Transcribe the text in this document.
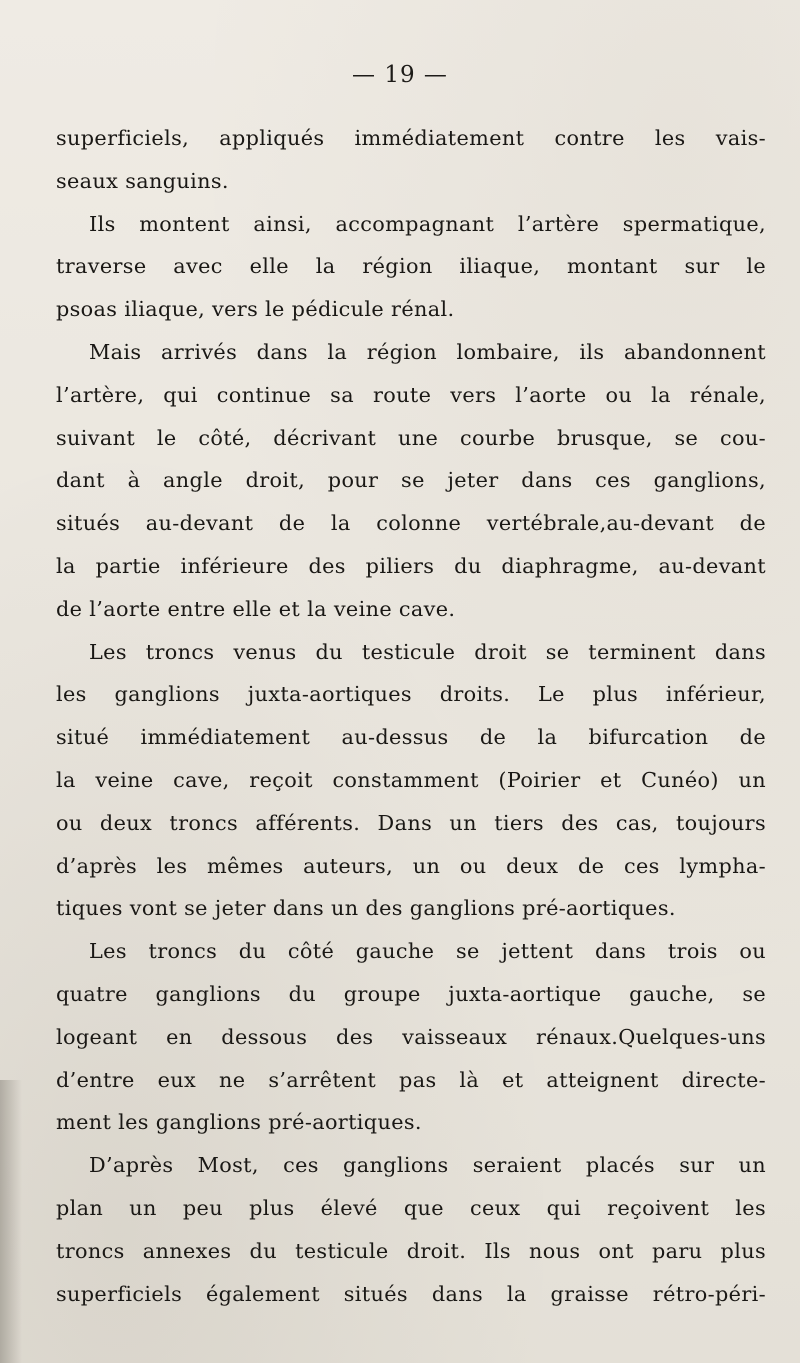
— 19 —
superficiels, appliqués immédiatement contre les vais-
seaux sanguins.
Ils montent ainsi, accompagnant l’artère spermatique,
traverse avec elle la région iliaque, montant sur le
psoas iliaque, vers le pédicule rénal.
Mais arrivés dans la région lombaire, ils abandonnent
l’artère, qui continue sa route vers l’aorte ou la rénale,
suivant le côté, décrivant une courbe brusque, se cou-
dant à angle droit, pour se jeter dans ces ganglions,
situés au-devant de la colonne vertébrale,au-devant de
la partie inférieure des piliers du diaphragme, au-devant
de l’aorte entre elle et la veine cave.
Les troncs venus du testicule droit se terminent dans
les ganglions juxta-aortiques droits. Le plus inférieur,
situé immédiatement au-dessus de la bifurcation de
la veine cave, reçoit constamment (Poirier et Cunéo) un
ou deux troncs afférents. Dans un tiers des cas, toujours
d’après les mêmes auteurs, un ou deux de ces lympha-
tiques vont se jeter dans un des ganglions pré-aortiques.
Les troncs du côté gauche se jettent dans trois ou
quatre ganglions du groupe juxta-aortique gauche, se
logeant en dessous des vaisseaux rénaux.Quelques-uns
d’entre eux ne s’arrêtent pas là et atteignent directe-
ment les ganglions pré-aortiques.
D’après Most, ces ganglions seraient placés sur un
plan un peu plus élevé que ceux qui reçoivent les
troncs annexes du testicule droit. Ils nous ont paru plus
superficiels également situés dans la graisse rétro-péri-
